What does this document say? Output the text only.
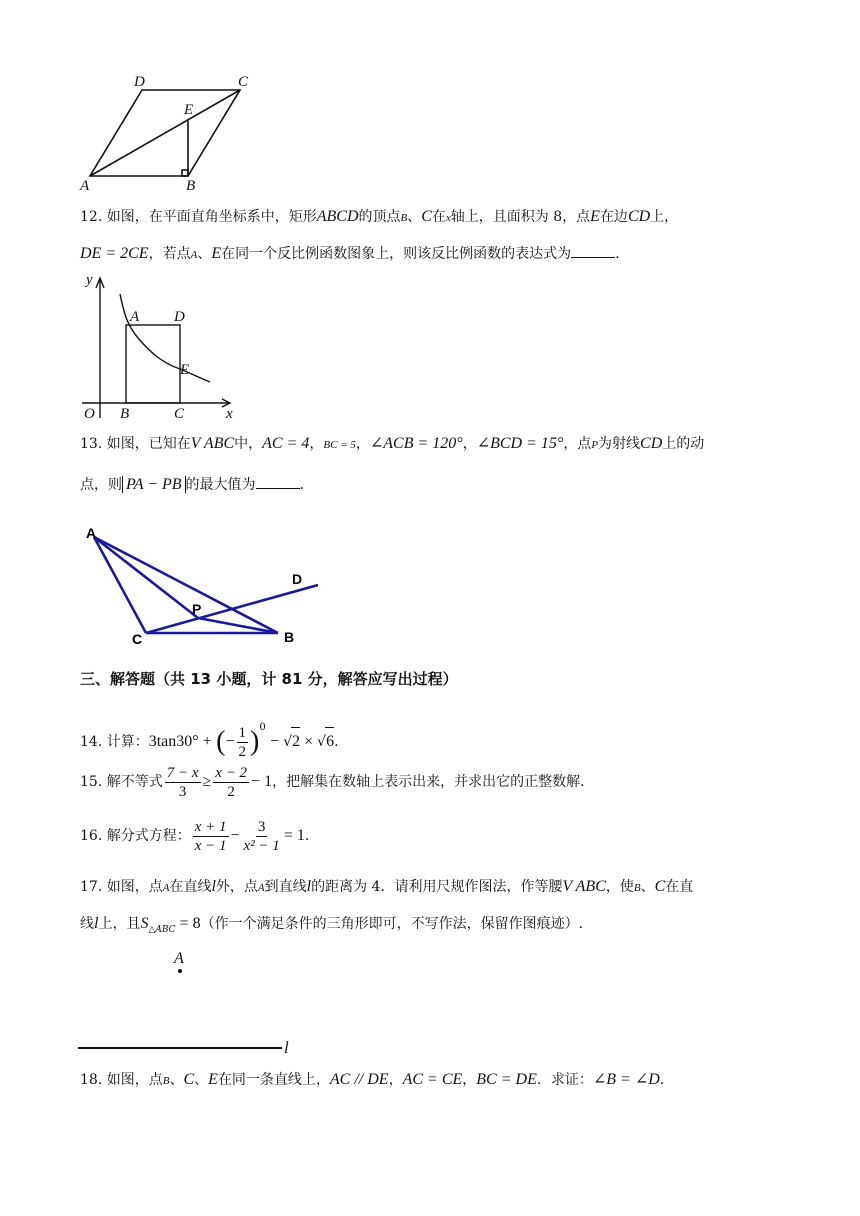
D	C
E
A	B
12. 如图，在平面直角坐标系中，矩形ABCD的顶点B、C在x轴上，且面积为 8，点E在边CD上，
DE = 2CE，若点A、E在同一个反比例函数图象上，则该反比例函数的表达式为	.
y
x
O
A D
E
B	C
13. 如图，已知在V ABC中，AC = 4，BC = 5，∠ACB = 120°，∠BCD = 15°，点P为射线CD上的动
点，则 PA − PB 的最大值为	.
A
D
P
C	B
三、解答题（共 13 小题，计 81 分，解答应写出过程）
14. 计算：3tan30° + (− $\frac{1}{2} )^0 - √2 \times √6$.
15. 解不等式 $\frac{7 - x}{3} \ge \frac{x - 2}{2} - 1$，把解集在数轴上表示出来，并求出它的正整数解.
16. 解分式方程： $\frac{x + 1}{x - 1} - \frac{3}{\text{x² − 1}} = 1$.
17. 如图，点A在直线l外，点A到直线l的距离为 4．请利用尺规作图法，作等腰V ABC，使B、C在直
线l上，且$S_{\triangle ABC} = 8$（作一个满足条件的三角形即可，不写作法，保留作图痕迹）.
A
l
18. 如图，点B、C、E在同一条直线上，AC // DE，AC = CE，BC = DE．求证：∠B = ∠D.
